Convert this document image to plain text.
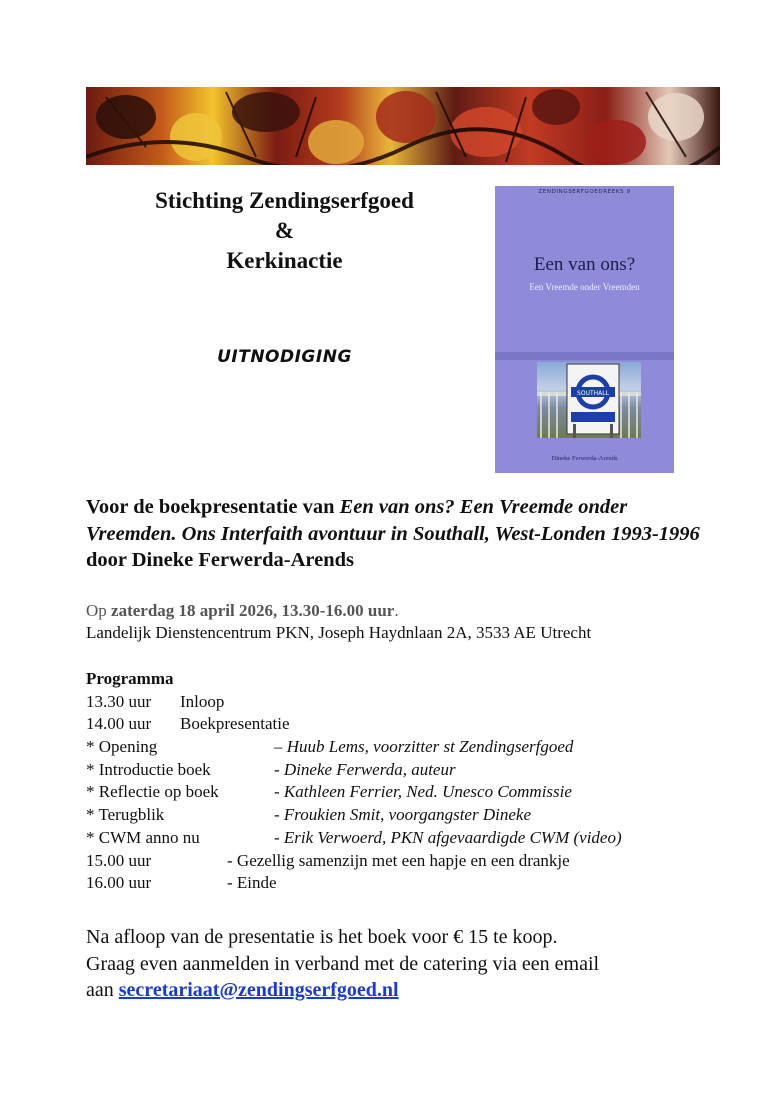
Stichting Zendingserfgoed
&
Kerkinactie
UITNODIGING
ZENDINGSERFGOEDREEKS 9
Een van ons?
Een Vreemde onder Vreemden

SOUTHALL
Dineke Ferwerda-Arends
Voor de boekpresentatie van Een van ons? Een Vreemde onder Vreemden. Ons Interfaith avontuur in Southall, West-Londen 1993-1996 door Dineke Ferwerda-Arends
Op zaterdag 18 april 2026, 13.30-16.00 uur.
Landelijk Dienstencentrum PKN, Joseph Haydnlaan 2A, 3533 AE Utrecht
Programma
13.30 uur Inloop
14.00 uur Boekpresentatie
* Opening	– Huub Lems, voorzitter st Zendingserfgoed
* Introductie boek	- Dineke Ferwerda, auteur
* Reflectie op boek	- Kathleen Ferrier, Ned. Unesco Commissie
* Terugblik	- Froukien Smit, voorgangster Dineke
* CWM anno nu	- Erik Verwoerd, PKN afgevaardigde CWM (video)
15.00 uur	- Gezellig samenzijn met een hapje en een drankje
16.00 uur	- Einde
Na afloop van de presentatie is het boek voor € 15 te koop.
Graag even aanmelden in verband met de catering via een email
aan secretariaat@zendingserfgoed.nl
